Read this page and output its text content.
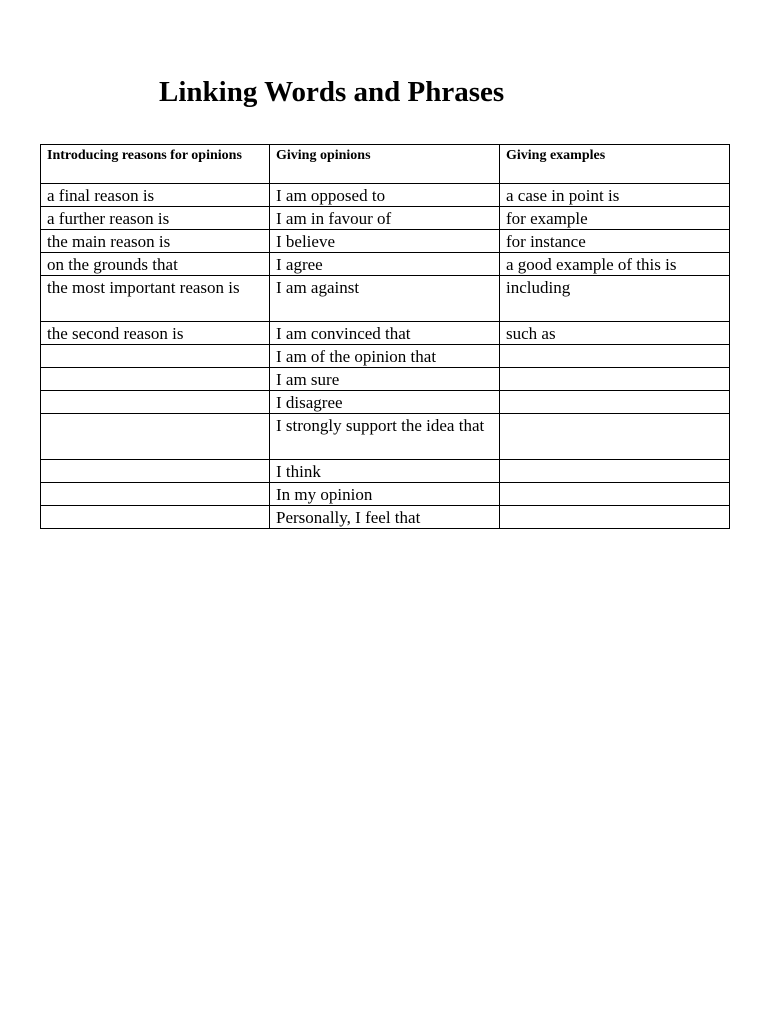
Linking Words and Phrases
Introducing reasons for opinions	Giving opinions	Giving examples
a final reason is	I am opposed to	a case in point is
a further reason is	I am in favour of	for example
the main reason is	I believe	for instance
on the grounds that	I agree	a good example of this is
the most important reason is	I am against	including
the second reason is	I am convinced that	such as
	I am of the opinion that	
	I am sure	
	I disagree	
	I strongly support the idea that	
	I think	
	In my opinion	
	Personally, I feel that	
